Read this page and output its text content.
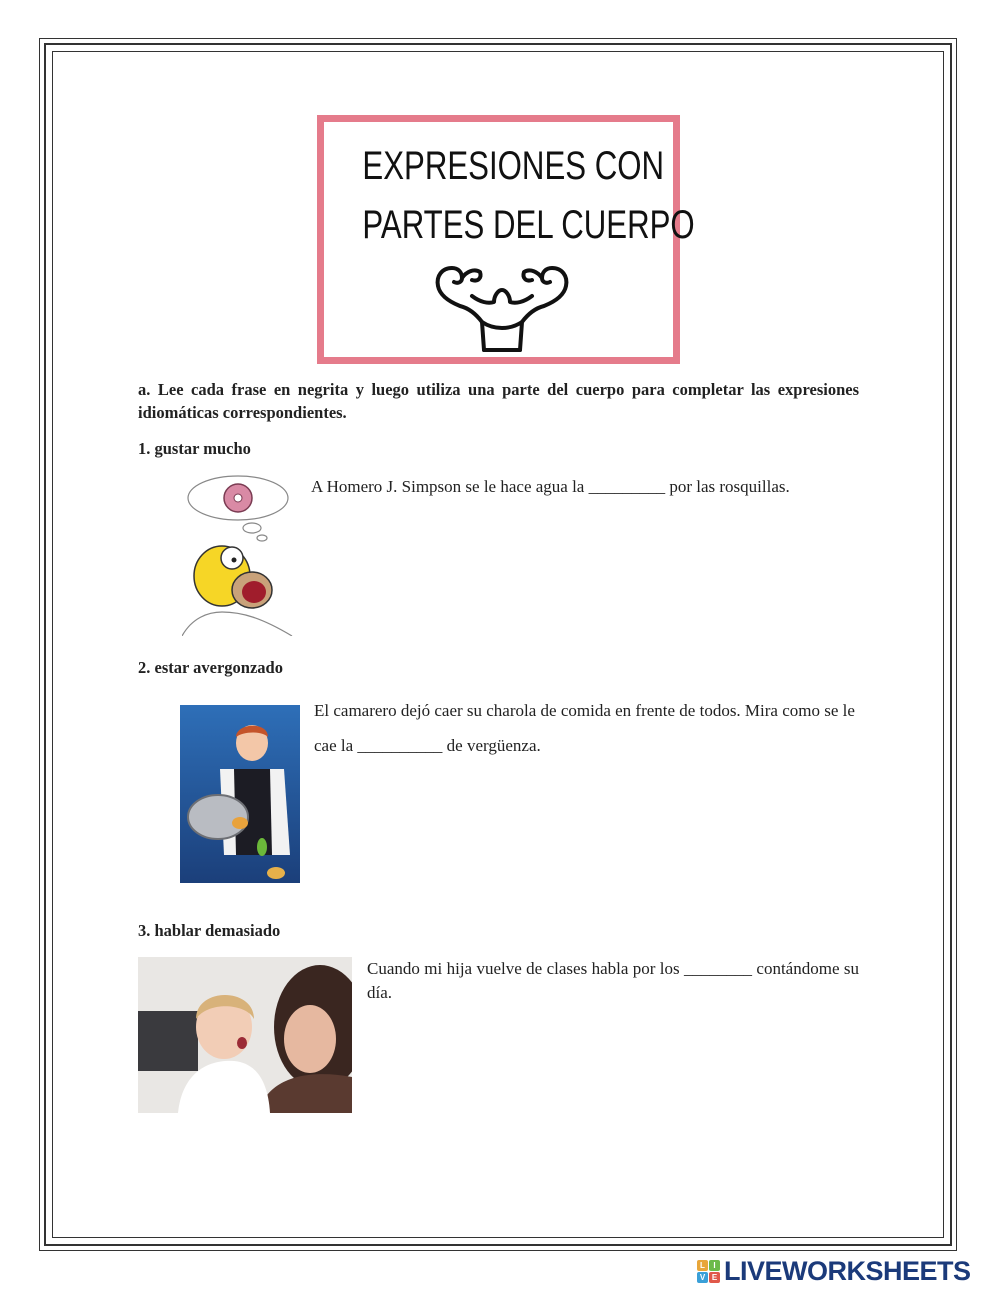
EXPRESIONES CON
PARTES DEL CUERPO
a. Lee cada frase en negrita y luego utiliza una parte del cuerpo para completar las expresiones idiomáticas correspondientes.
1. gustar mucho
A Homero J. Simpson se le hace agua la _________ por las rosquillas.
2. estar avergonzado
El camarero dejó caer su charola de comida en frente de todos. Mira como se le cae la __________ de vergüenza.
3. hablar demasiado
Cuando mi hija vuelve de clases habla por los ________ contándome su día.
L	I
V E LIVEWORKSHEETS
